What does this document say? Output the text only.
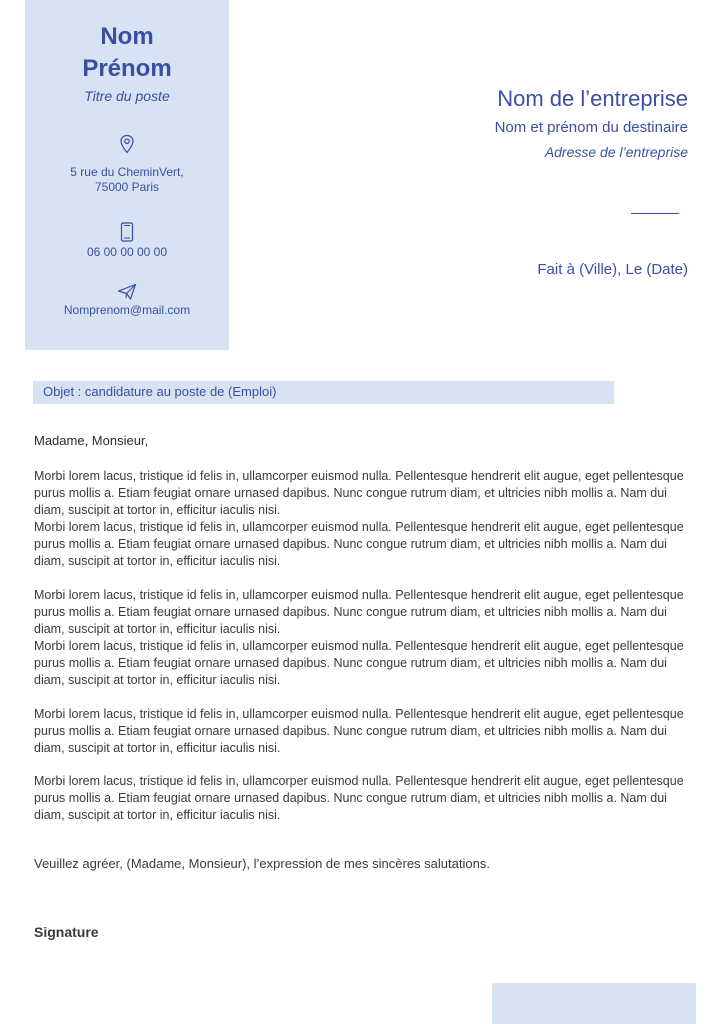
Nom
Prénom
Titre du poste
5 rue du CheminVert,
75000 Paris
06 00 00 00 00
Nomprenom@mail.com
Nom de l’entreprise
Nom et prénom du destinaire
Adresse de l’entreprise
Fait à (Ville), Le (Date)
Objet : candidature au poste de (Emploi)
Madame, Monsieur,
Morbi lorem lacus, tristique id felis in, ullamcorper euismod nulla. Pellentesque hendrerit elit augue, eget pellentesque purus mollis a. Etiam feugiat ornare urnased dapibus. Nunc congue rutrum diam, et ultricies nibh mollis a. Nam dui diam, suscipit at tortor in, efficitur iaculis nisi.
Morbi lorem lacus, tristique id felis in, ullamcorper euismod nulla. Pellentesque hendrerit elit augue, eget pellentesque purus mollis a. Etiam feugiat ornare urnased dapibus. Nunc congue rutrum diam, et ultricies nibh mollis a. Nam dui diam, suscipit at tortor in, efficitur iaculis nisi.
Morbi lorem lacus, tristique id felis in, ullamcorper euismod nulla. Pellentesque hendrerit elit augue, eget pellentesque purus mollis a. Etiam feugiat ornare urnased dapibus. Nunc congue rutrum diam, et ultricies nibh mollis a. Nam dui diam, suscipit at tortor in, efficitur iaculis nisi.
Morbi lorem lacus, tristique id felis in, ullamcorper euismod nulla. Pellentesque hendrerit elit augue, eget pellentesque purus mollis a. Etiam feugiat ornare urnased dapibus. Nunc congue rutrum diam, et ultricies nibh mollis a. Nam dui diam, suscipit at tortor in, efficitur iaculis nisi.
Morbi lorem lacus, tristique id felis in, ullamcorper euismod nulla. Pellentesque hendrerit elit augue, eget pellentesque purus mollis a. Etiam feugiat ornare urnased dapibus. Nunc congue rutrum diam, et ultricies nibh mollis a. Nam dui diam, suscipit at tortor in, efficitur iaculis nisi.
Morbi lorem lacus, tristique id felis in, ullamcorper euismod nulla. Pellentesque hendrerit elit augue, eget pellentesque purus mollis a. Etiam feugiat ornare urnased dapibus. Nunc congue rutrum diam, et ultricies nibh mollis a. Nam dui diam, suscipit at tortor in, efficitur iaculis nisi.
Veuillez agréer, (Madame, Monsieur), l’expression de mes sincères salutations.
Signature
